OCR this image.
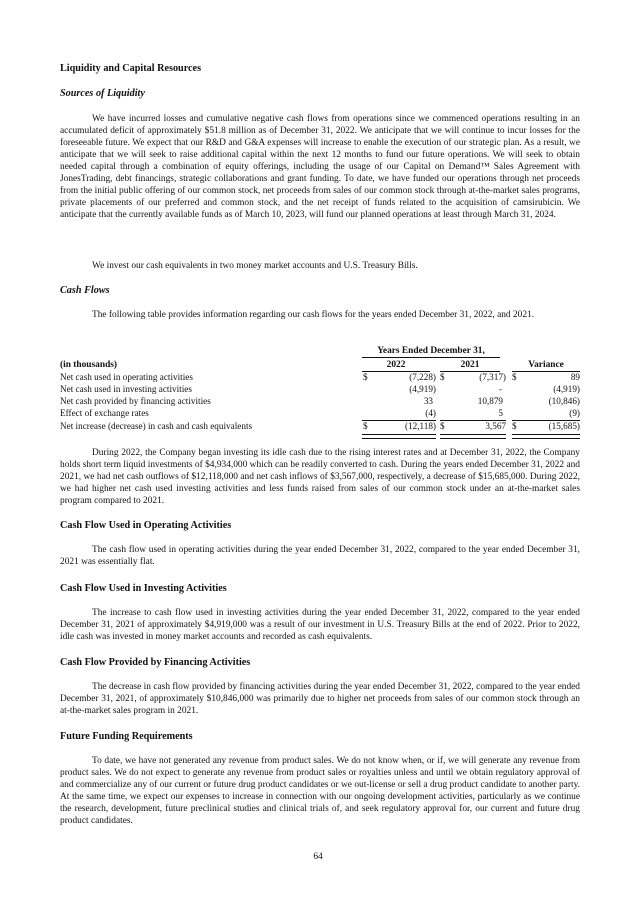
Liquidity and Capital Resources
Sources of Liquidity
We have incurred losses and cumulative negative cash flows from operations since we commenced operations resulting in an accumulated deficit of approximately $51.8 million as of December 31, 2022. We anticipate that we will continue to incur losses for the foreseeable future. We expect that our R&D and G&A expenses will increase to enable the execution of our strategic plan. As a result, we anticipate that we will seek to raise additional capital within the next 12 months to fund our future operations. We will seek to obtain needed capital through a combination of equity offerings, including the usage of our Capital on Demand™ Sales Agreement with JonesTrading, debt financings, strategic collaborations and grant funding. To date, we have funded our operations through net proceeds from the initial public offering of our common stock, net proceeds from sales of our common stock through at-the-market sales programs, private placements of our preferred and common stock, and the net receipt of funds related to the acquisition of camsirubicin. We anticipate that the currently available funds as of March 10, 2023, will fund our planned operations at least through March 31, 2024.
We invest our cash equivalents in two money market accounts and U.S. Treasury Bills.
Cash Flows
The following table provides information regarding our cash flows for the years ended December 31, 2022, and 2021.
Years Ended December 31,
(in thousands)	2022	2021	Variance
Net cash used in operating activities	$	(7,228) $	(7,317) $	89
Net cash used in investing activities	(4,919)	-	(4,919)
Net cash provided by financing activities	33	10,879	(10,846)
Effect of exchange rates	(4)	5	(9)
Net increase (decrease) in cash and cash equivalents	$	(12,118) $	3,567 $	(15,685)
During 2022, the Company began investing its idle cash due to the rising interest rates and at December 31, 2022, the Company holds short term liquid investments of $4,934,000 which can be readily converted to cash. During the years ended December 31, 2022 and 2021, we had net cash outflows of $12,118,000 and net cash inflows of $3,567,000, respectively, a decrease of $15,685,000. During 2022, we had higher net cash used investing activities and less funds raised from sales of our common stock under an at-the-market sales program compared to 2021.
Cash Flow Used in Operating Activities
The cash flow used in operating activities during the year ended December 31, 2022, compared to the year ended December 31, 2021 was essentially flat.
Cash Flow Used in Investing Activities
The increase to cash flow used in investing activities during the year ended December 31, 2022, compared to the year ended December 31, 2021 of approximately $4,919,000 was a result of our investment in U.S. Treasury Bills at the end of 2022. Prior to 2022, idle cash was invested in money market accounts and recorded as cash equivalents.
Cash Flow Provided by Financing Activities
The decrease in cash flow provided by financing activities during the year ended December 31, 2022, compared to the year ended December 31, 2021, of approximately $10,846,000 was primarily due to higher net proceeds from sales of our common stock through an at-the-market sales program in 2021.
Future Funding Requirements
To date, we have not generated any revenue from product sales. We do not know when, or if, we will generate any revenue from product sales. We do not expect to generate any revenue from product sales or royalties unless and until we obtain regulatory approval of and commercialize any of our current or future drug product candidates or we out-license or sell a drug product candidate to another party. At the same time, we expect our expenses to increase in connection with our ongoing development activities, particularly as we continue the research, development, future preclinical studies and clinical trials of, and seek regulatory approval for, our current and future drug product candidates.
64
